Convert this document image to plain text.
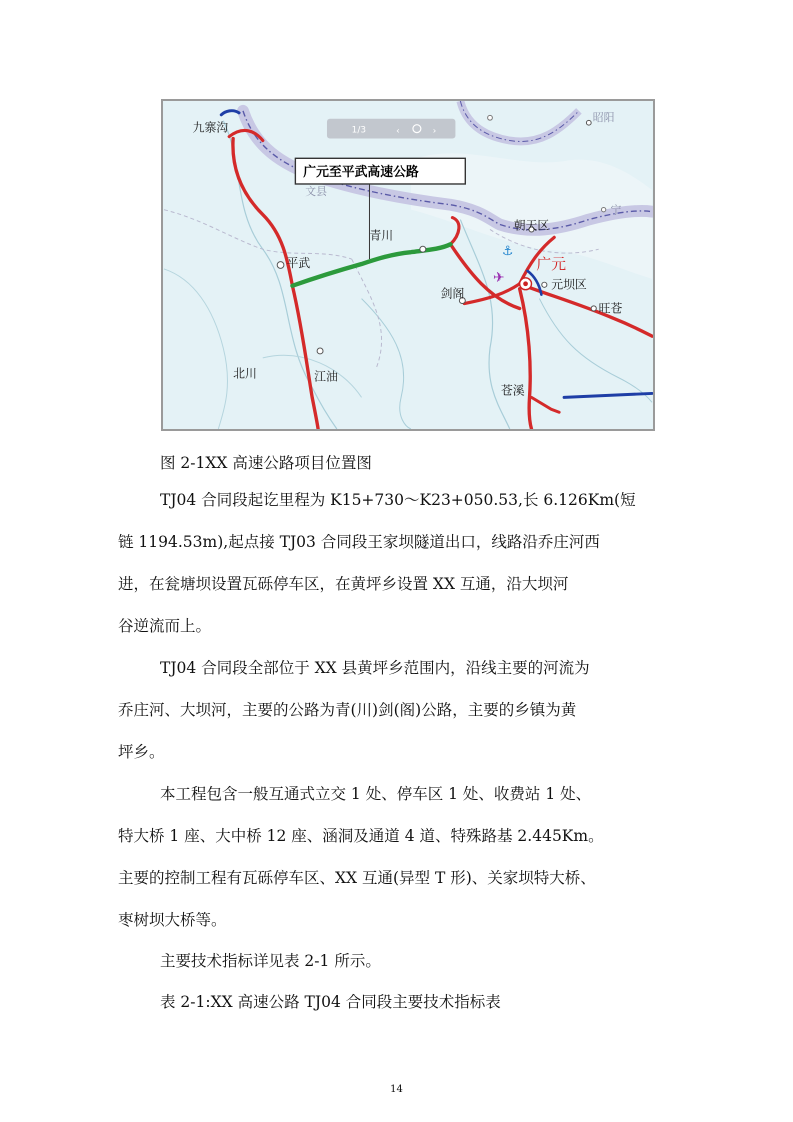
1/3	‹	›
广元至平武高速公路
✈
⚓
九寨沟
昭阳
文县
平武
青川
朝天区
广元
剑阁
元坝区
旺苍
北川	江油
苍溪
宁

图 2-1XX 高速公路项目位置图

TJ04 合同段起讫里程为 K15+730～K23+050.53,长 6.126Km(短

链 1194.53m),起点接 TJ03 合同段王家坝隧道出口，线路沿乔庄河西

进，在瓮塘坝设置瓦砾停车区，在黄坪乡设置 XX 互通，沿大坝河

谷逆流而上。

TJ04 合同段全部位于 XX 县黄坪乡范围内，沿线主要的河流为

乔庄河、大坝河，主要的公路为青(川)剑(阁)公路，主要的乡镇为黄

坪乡。

本工程包含一般互通式立交 1 处、停车区 1 处、收费站 1 处、

特大桥 1 座、大中桥 12 座、涵洞及通道 4 道、特殊路基 2.445Km。

主要的控制工程有瓦砾停车区、XX 互通(异型 T 形)、关家坝特大桥、

枣树坝大桥等。

主要技术指标详见表 2-1 所示。

表 2-1:XX 高速公路 TJ04 合同段主要技术指标表

14
